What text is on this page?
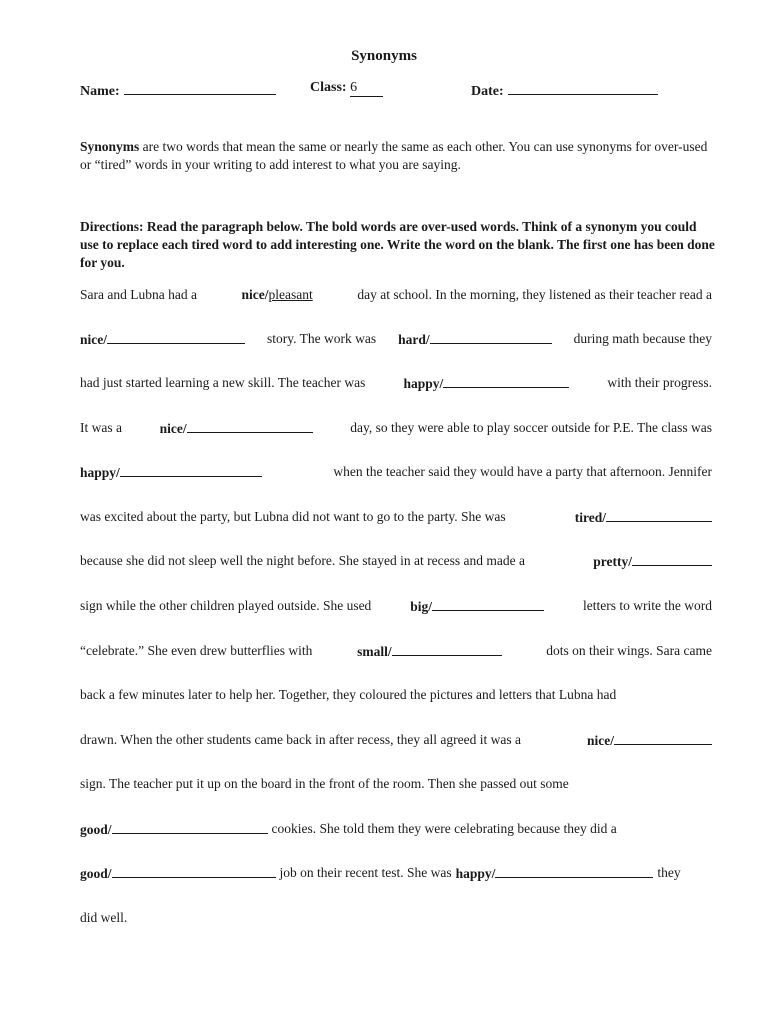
Synonyms
Name:	Class: 6	Date:
Synonyms are two words that mean the same or nearly the same as each other. You can use synonyms for over-used or “tired” words in your writing to add interest to what you are saying.
Directions: Read the paragraph below. The bold words are over-used words. Think of a synonym you could use to replace each tired word to add interesting one. Write the word on the blank. The first one has been done for you.
Sara and Lubna had a	nice/pleasant	day at school. In the morning, they listened as their teacher read a
nice/	story. The work was hard/	during math because they
had just started learning a new skill. The teacher was	happy/	with their progress.
It was a	nice/	day, so they were able to play soccer outside for P.E. The class was
happy/	when the teacher said they would have a party that afternoon. Jennifer
was excited about the party, but Lubna did not want to go to the party. She was	tired/
because she did not sleep well the night before. She stayed in at recess and made a	pretty/
sign while the other children played outside. She used	big/	letters to write the word
“celebrate.” She even drew butterflies with	small/	dots on their wings. Sara came
back a few minutes later to help her. Together, they coloured the pictures and letters that Lubna had
drawn. When the other students came back in after recess, they all agreed it was a	nice/
sign. The teacher put it up on the board in the front of the room. Then she passed out some
good/	cookies. She told them they were celebrating because they did a
good/	job on their recent test. She was happy/	they
did well.
